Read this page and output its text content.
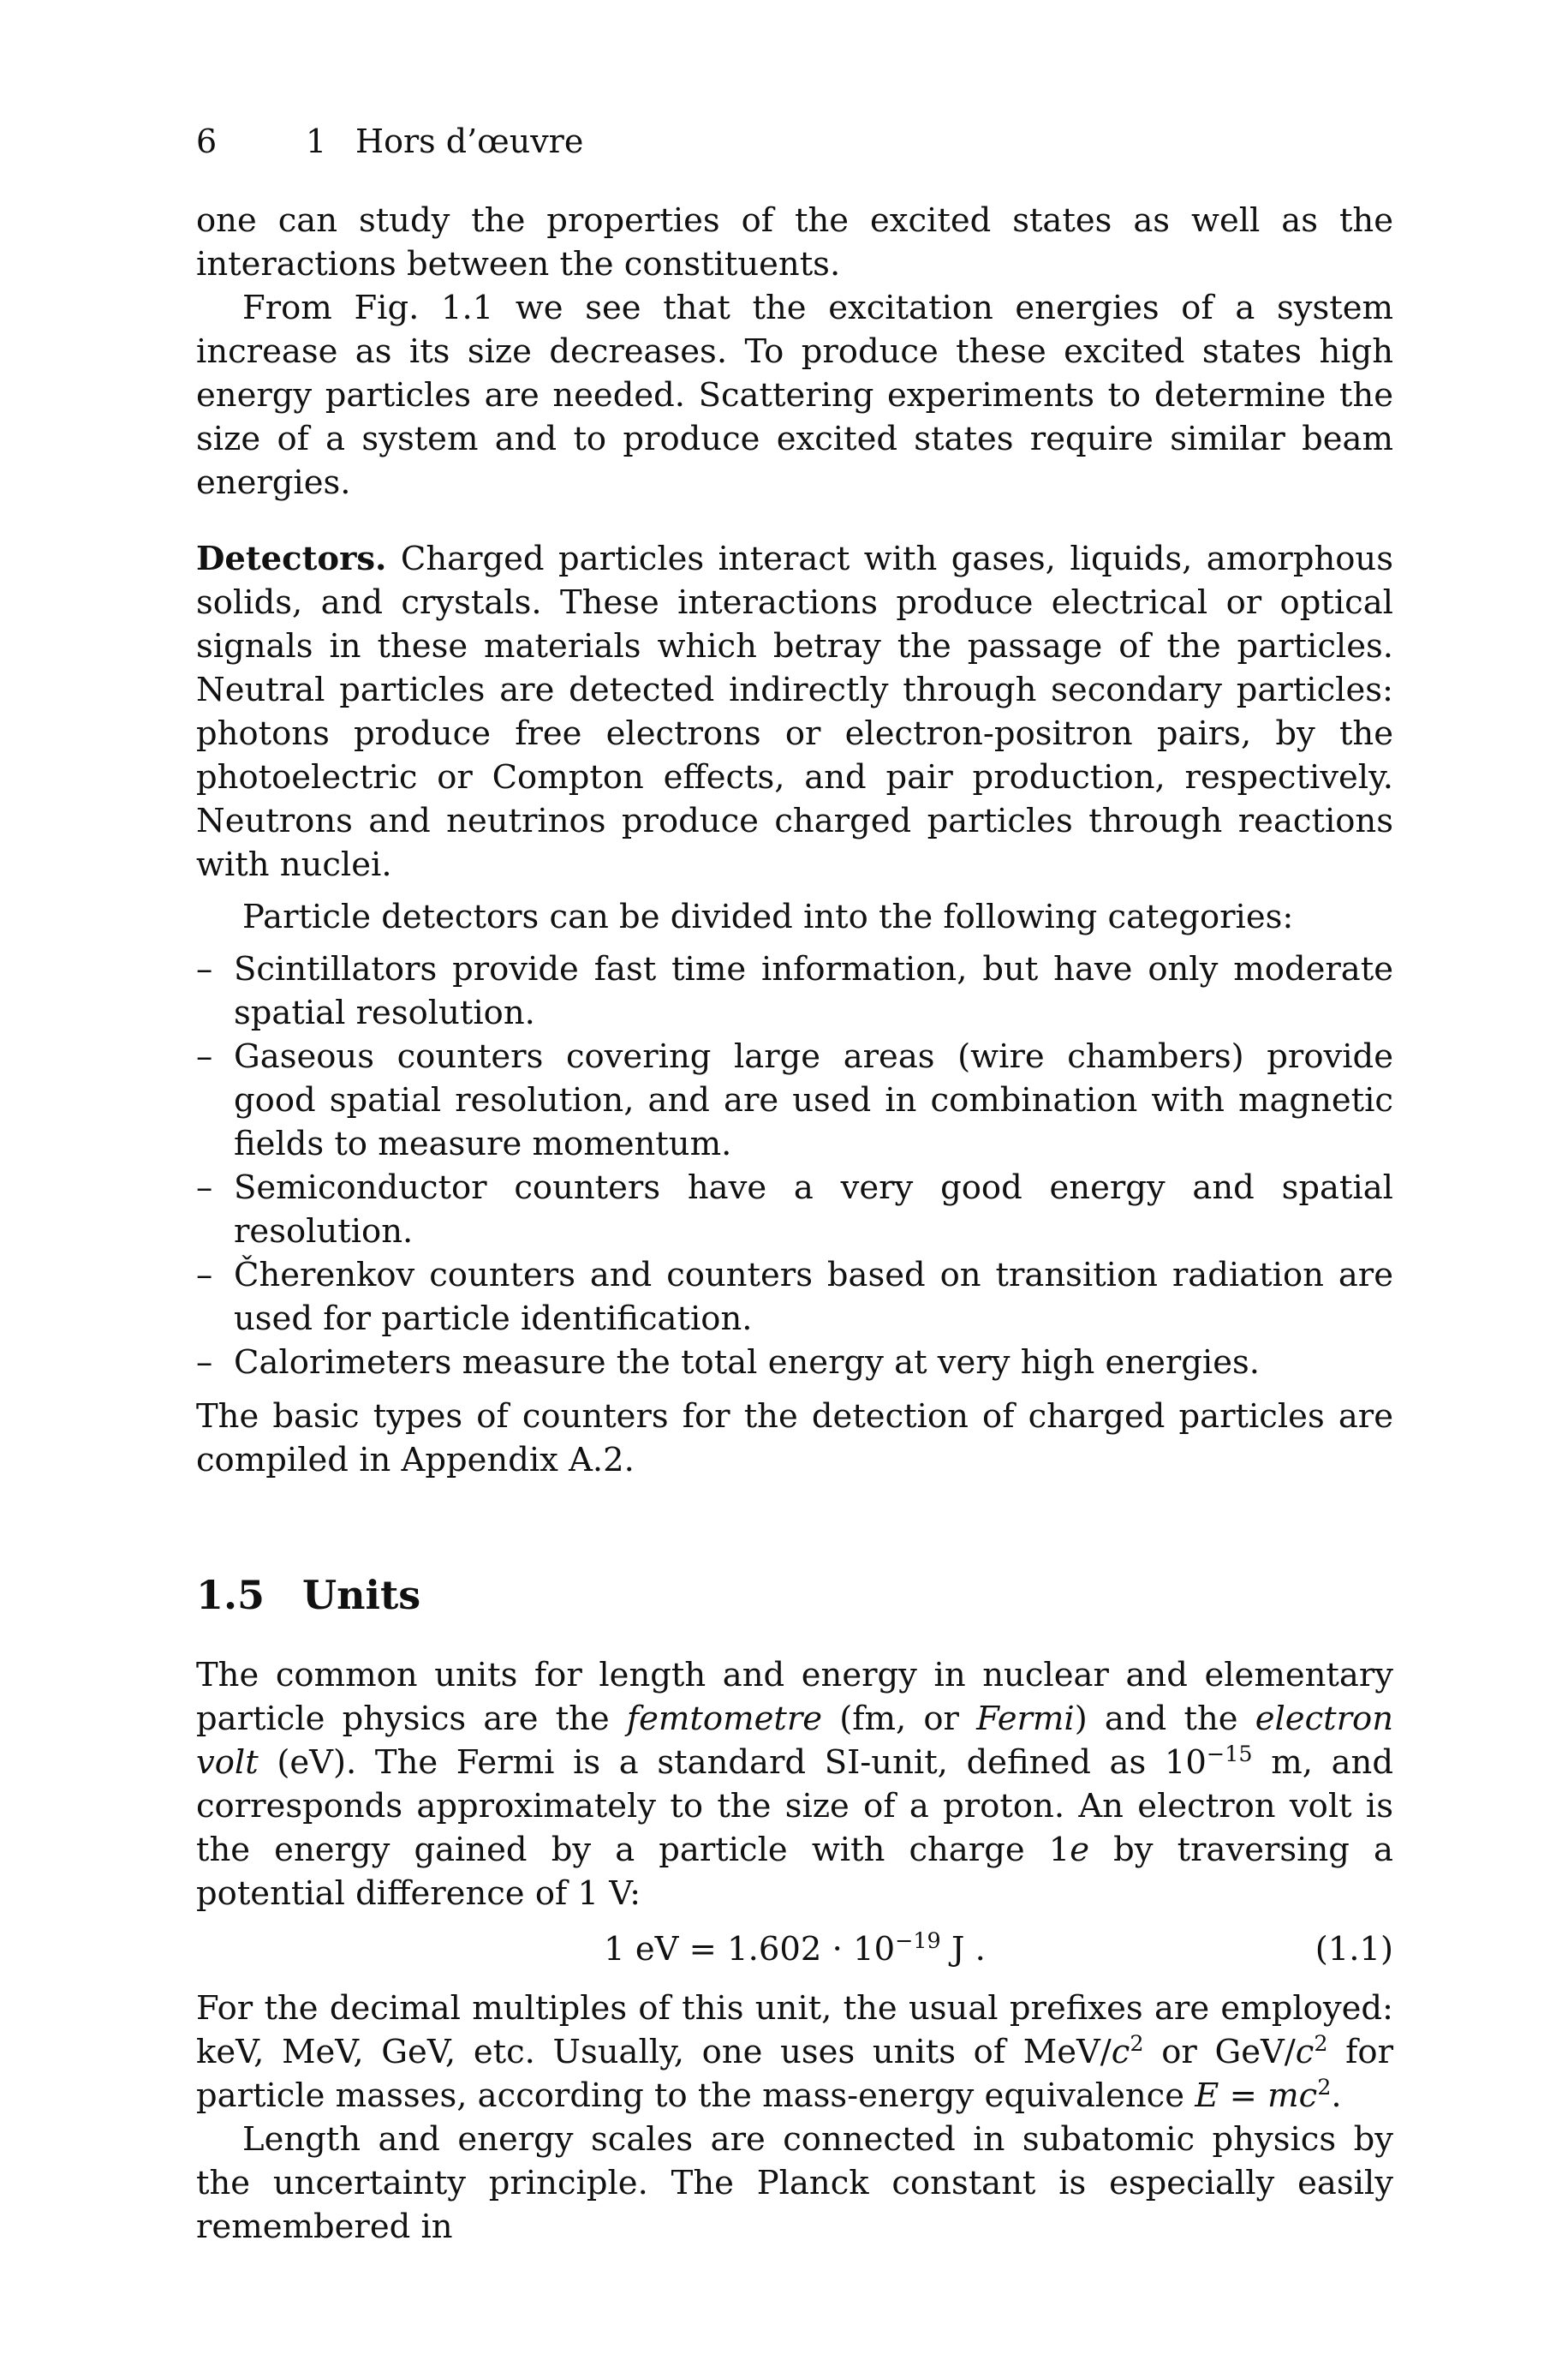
6	1 Hors d’œuvre

one can study the properties of the excited states as well as the interactions between the constituents.

From Fig. 1.1 we see that the excitation energies of a system increase as its size decreases. To produce these excited states high energy particles are needed. Scattering experiments to determine the size of a system and to produce excited states require similar beam energies.

Detectors. Charged particles interact with gases, liquids, amorphous solids, and crystals. These interactions produce electrical or optical signals in these materials which betray the passage of the particles. Neutral particles are detected indirectly through secondary particles: photons produce free electrons or electron-positron pairs, by the photoelectric or Compton effects, and pair production, respectively. Neutrons and neutrinos produce charged particles through reactions with nuclei.

Particle detectors can be divided into the following categories:

– Scintillators provide fast time information, but have only moderate spatial resolution.
– Gaseous counters covering large areas (wire chambers) provide good spatial resolution, and are used in combination with magnetic fields to measure momentum.
– Semiconductor counters have a very good energy and spatial resolution.
– Čherenkov counters and counters based on transition radiation are used for particle identification.
– Calorimeters measure the total energy at very high energies.

The basic types of counters for the detection of charged particles are compiled in Appendix A.2.

1.5 Units

The common units for length and energy in nuclear and elementary particle physics are the femtometre (fm, or Fermi) and the electron volt (eV). The Fermi is a standard SI-unit, defined as $10^{-15}$ m, and corresponds approximately to the size of a proton. An electron volt is the energy gained by a particle with charge 1e by traversing a potential difference of 1 V:

1 eV = $1.602 \cdot 10^{-19}$ J .	(1.1)

For the decimal multiples of this unit, the usual prefixes are employed: keV, MeV, GeV, etc. Usually, one uses units of MeV/$c^2$ or GeV/$c^2$ for particle masses, according to the mass-energy equivalence $E = mc^2$.

Length and energy scales are connected in subatomic physics by the uncertainty principle. The Planck constant is especially easily remembered in
